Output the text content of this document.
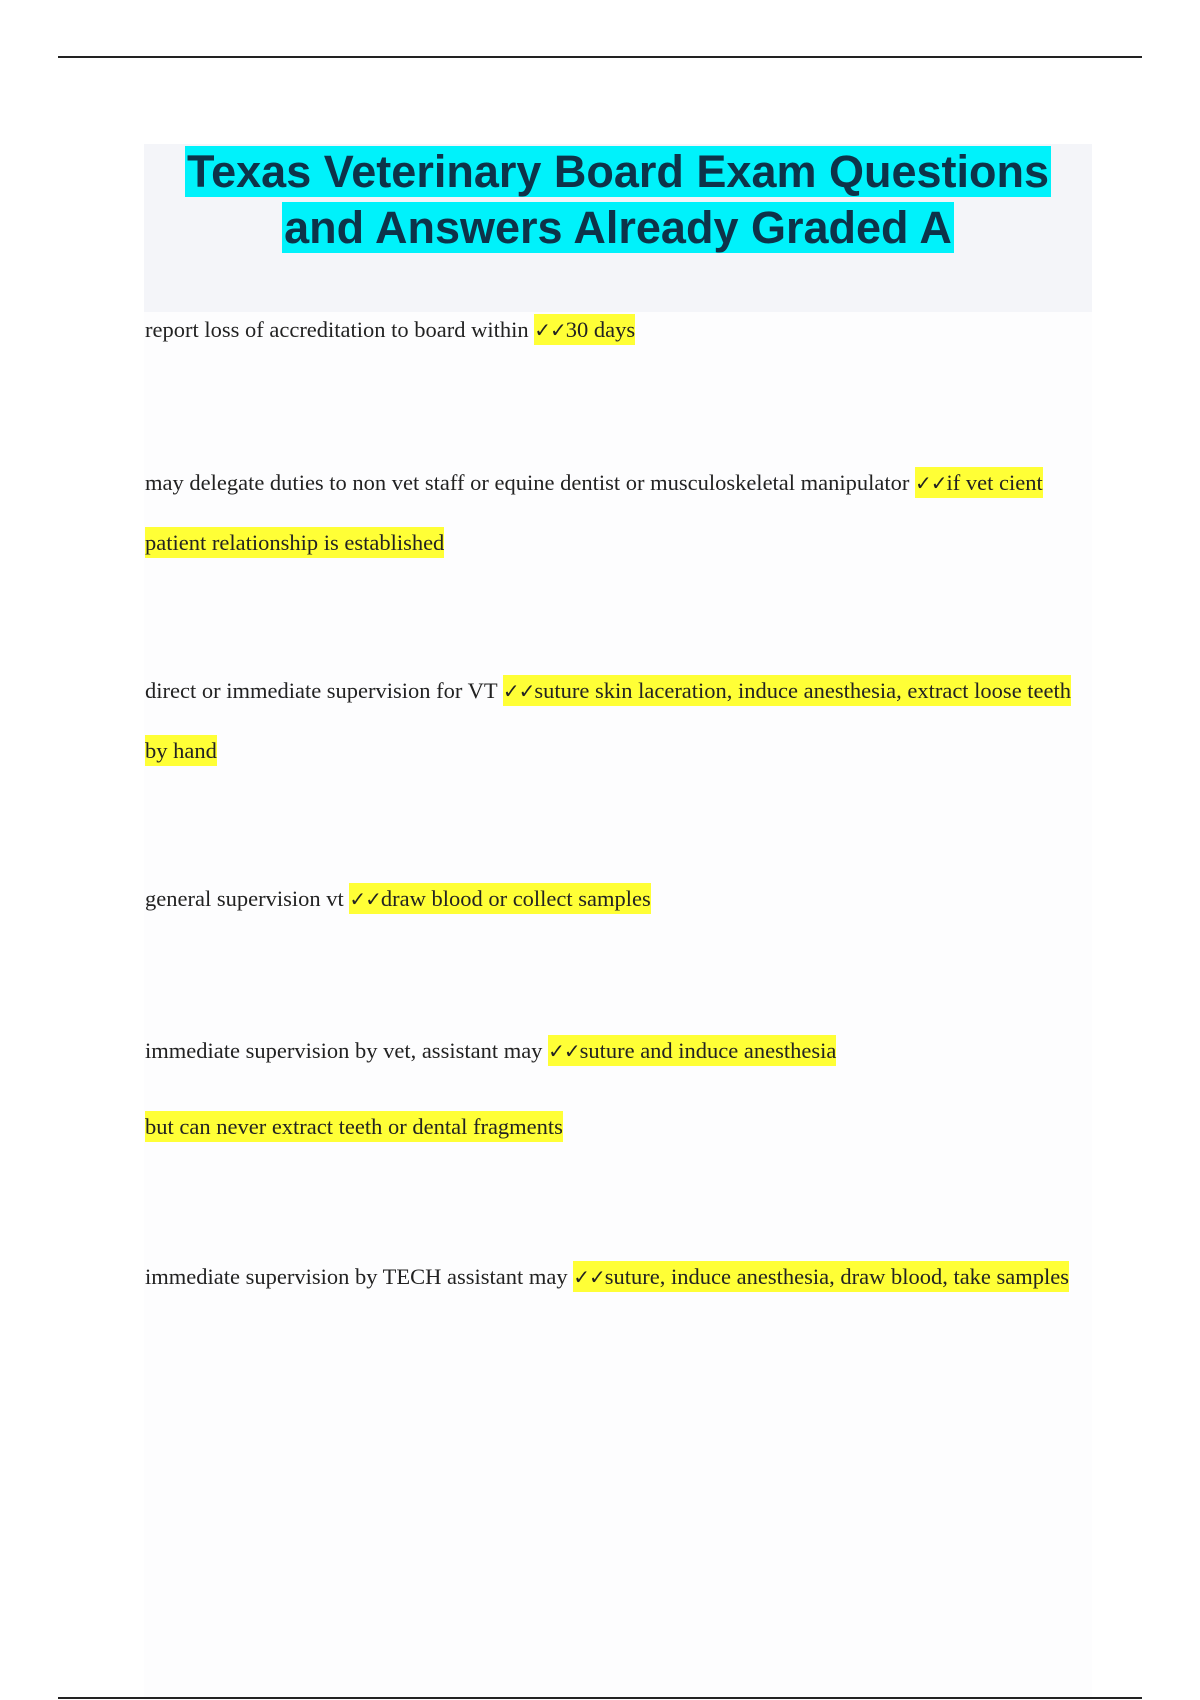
Texas Veterinary Board Exam Questions
and Answers Already Graded A

report loss of accreditation to board within ✓✓30 days

may delegate duties to non vet staff or equine dentist or musculoskeletal manipulator ✓✓if vet cient patient relationship is established

direct or immediate supervision for VT ✓✓suture skin laceration, induce anesthesia, extract loose teeth by hand

general supervision vt ✓✓draw blood or collect samples

immediate supervision by vet, assistant may ✓✓suture and induce anesthesia

but can never extract teeth or dental fragments

immediate supervision by TECH assistant may ✓✓suture, induce anesthesia, draw blood, take samples
